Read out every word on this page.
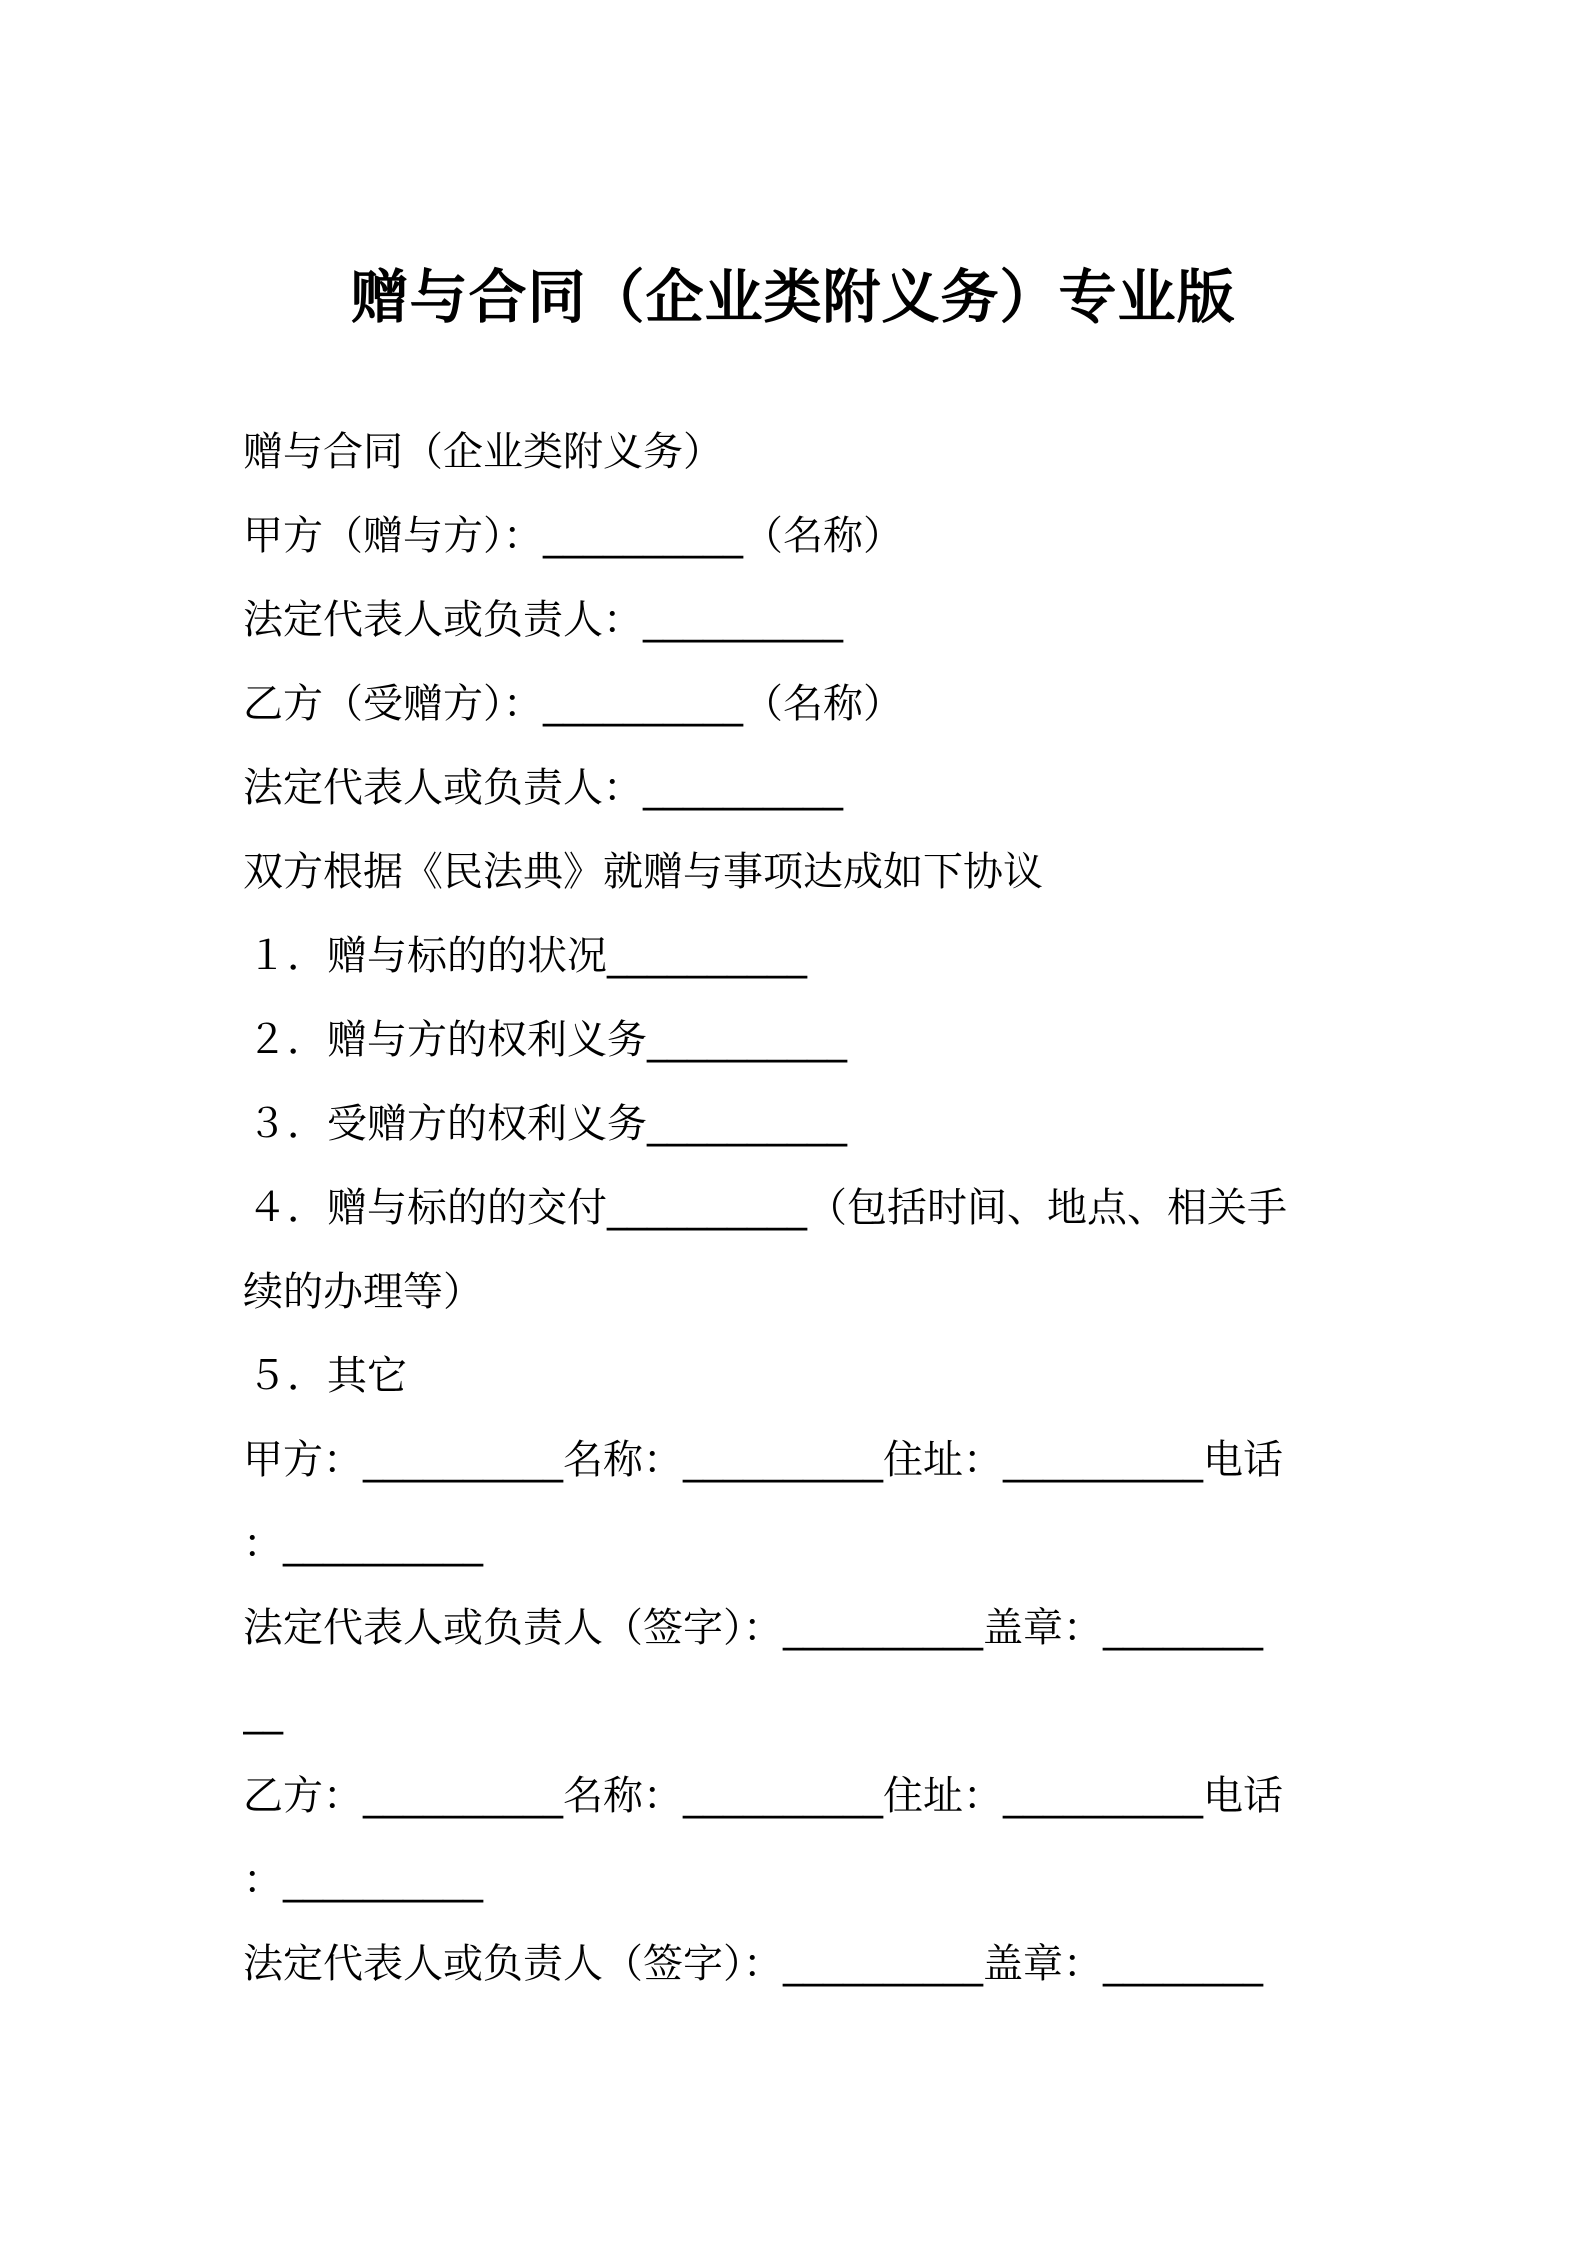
赠与合同（企业类附义务）专业版
赠与合同（企业类附义务）
甲方（赠与方）：__________（名称）
法定代表人或负责人：__________
乙方（受赠方）：__________（名称）
法定代表人或负责人：__________
双方根据《民法典》就赠与事项达成如下协议
１．赠与标的的状况__________
２．赠与方的权利义务__________
３．受赠方的权利义务__________
４．赠与标的的交付__________（包括时间、地点、相关手
续的办理等）
５．其它
甲方：__________名称：__________住址：__________电话
：__________
法定代表人或负责人（签字）：__________盖章：________
__
乙方：__________名称：__________住址：__________电话
：__________
法定代表人或负责人（签字）：__________盖章：________
